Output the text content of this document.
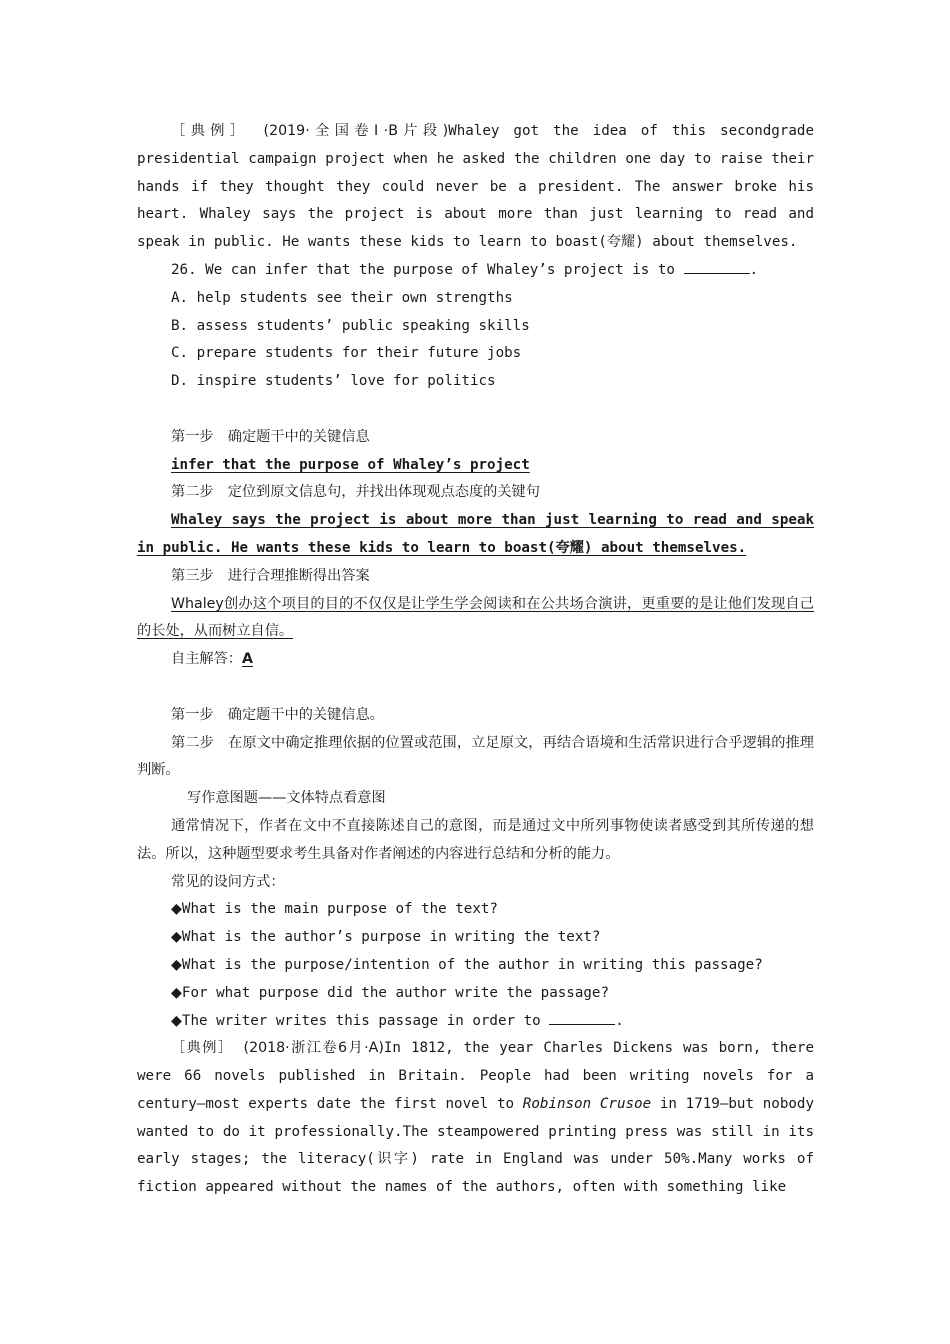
［典例］ (2019·全国卷Ⅰ·B片段)Whaley got the idea of this secondgrade presidential campaign project when he asked the children one day to raise their hands if they thought they could never be a president. The answer broke his heart. Whaley says the project is about more than just learning to read and speak in public. He wants these kids to learn to boast(夸耀) about themselves.

26. We can infer that the purpose of Whaley’s project is to	.

A. help students see their own strengths

B. assess students’ public speaking skills

C. prepare students for their future jobs

D. inspire students’ love for politics

第一步　确定题干中的关键信息

infer that the purpose of Whaley’s project

第二步　定位到原文信息句，并找出体现观点态度的关键句

Whaley says the project is about more than just learning to read and speak in public. He wants these kids to learn to boast(夸耀) about themselves.

第三步　进行合理推断得出答案

Whaley创办这个项目的目的不仅仅是让学生学会阅读和在公共场合演讲，更重要的是让他们发现自己的长处，从而树立自信。

自主解答：A

第一步　确定题干中的关键信息。

第二步　在原文中确定推理依据的位置或范围，立足原文，再结合语境和生活常识进行合乎逻辑的推理判断。

写作意图题——文体特点看意图

通常情况下，作者在文中不直接陈述自己的意图，而是通过文中所列事物使读者感受到其所传递的想法。所以，这种题型要求考生具备对作者阐述的内容进行总结和分析的能力。

常见的设问方式：

◆What is the main purpose of the text?

◆What is the author’s purpose in writing the text?

◆What is the purpose/intention of the author in writing this passage?

◆For what purpose did the author write the passage?

◆The writer writes this passage in order to	.

［典例］ (2018·浙江卷6月·A)In 1812, the year Charles Dickens was born, there were 66 novels published in Britain. People had been writing novels for a century—most experts date the first novel to Robinson Crusoe in 1719—but nobody wanted to do it professionally.The steampowered printing press was still in its early stages; the literacy(识字) rate in England was under 50%.Many works of fiction appeared without the names of the authors, often with something like
